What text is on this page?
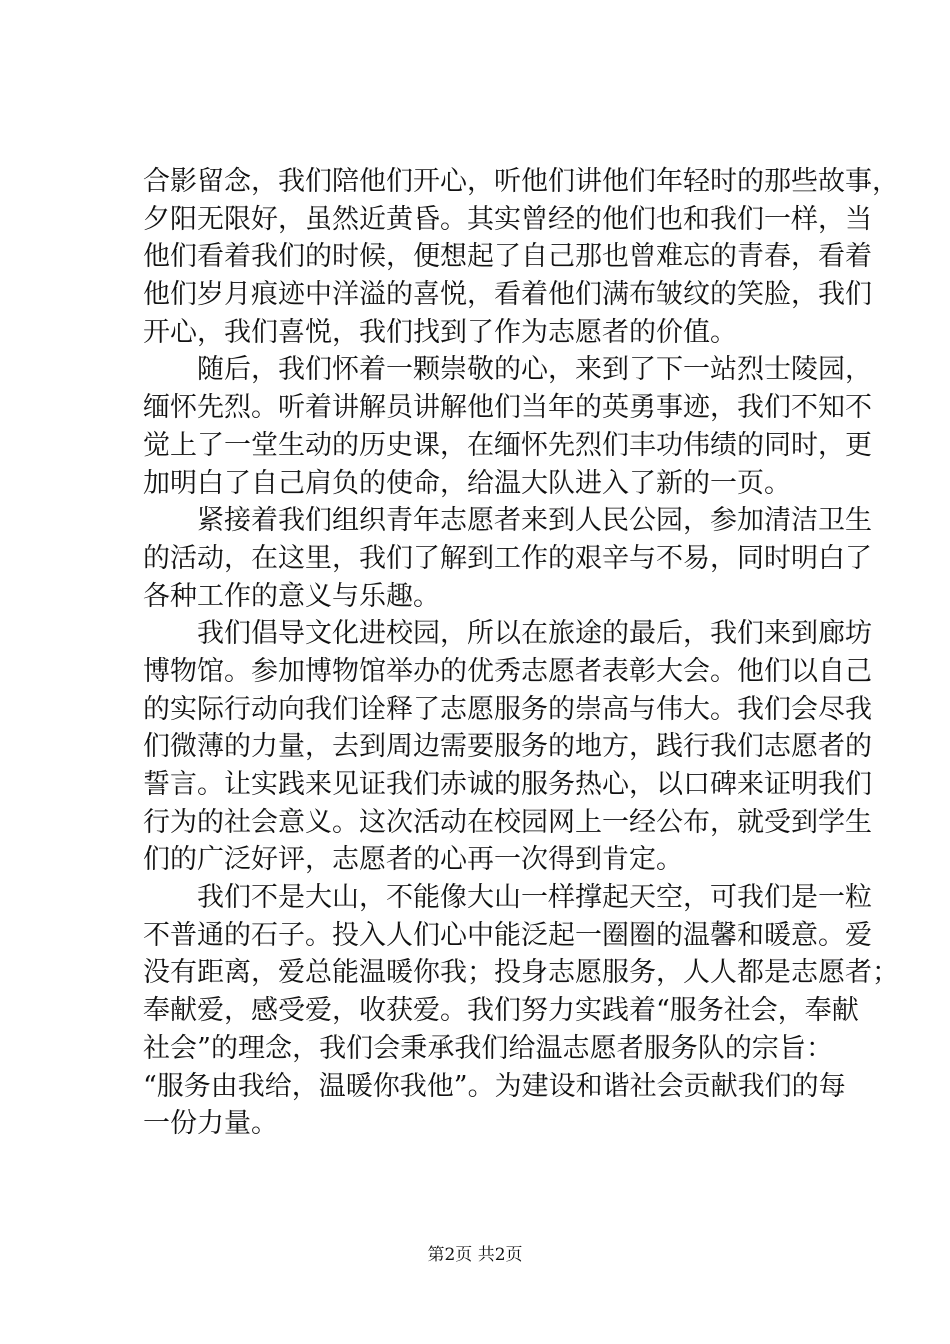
合影留念，我们陪他们开心，听他们讲他们年轻时的那些故事，
夕阳无限好，虽然近黄昏。其实曾经的他们也和我们一样，当
他们看着我们的时候，便想起了自己那也曾难忘的青春，看着
他们岁月痕迹中洋溢的喜悦，看着他们满布皱纹的笑脸，我们
开心，我们喜悦，我们找到了作为志愿者的价值。
随后，我们怀着一颗崇敬的心，来到了下一站烈士陵园，
缅怀先烈。听着讲解员讲解他们当年的英勇事迹，我们不知不
觉上了一堂生动的历史课，在缅怀先烈们丰功伟绩的同时，更
加明白了自己肩负的使命，给温大队进入了新的一页。
紧接着我们组织青年志愿者来到人民公园，参加清洁卫生
的活动，在这里，我们了解到工作的艰辛与不易，同时明白了
各种工作的意义与乐趣。
我们倡导文化进校园，所以在旅途的最后，我们来到廊坊
博物馆。参加博物馆举办的优秀志愿者表彰大会。他们以自己
的实际行动向我们诠释了志愿服务的崇高与伟大。我们会尽我
们微薄的力量，去到周边需要服务的地方，践行我们志愿者的
誓言。让实践来见证我们赤诚的服务热心，以口碑来证明我们
行为的社会意义。这次活动在校园网上一经公布，就受到学生
们的广泛好评，志愿者的心再一次得到肯定。
我们不是大山，不能像大山一样撑起天空，可我们是一粒
不普通的石子。投入人们心中能泛起一圈圈的温馨和暖意。爱
没有距离，爱总能温暖你我；投身志愿服务，人人都是志愿者；
奉献爱，感受爱，收获爱。我们努力实践着“服务社会，奉献
社会”的理念，我们会秉承我们给温志愿者服务队的宗旨：
“服务由我给，温暖你我他”。为建设和谐社会贡献我们的每
一份力量。
第2页 共2页
